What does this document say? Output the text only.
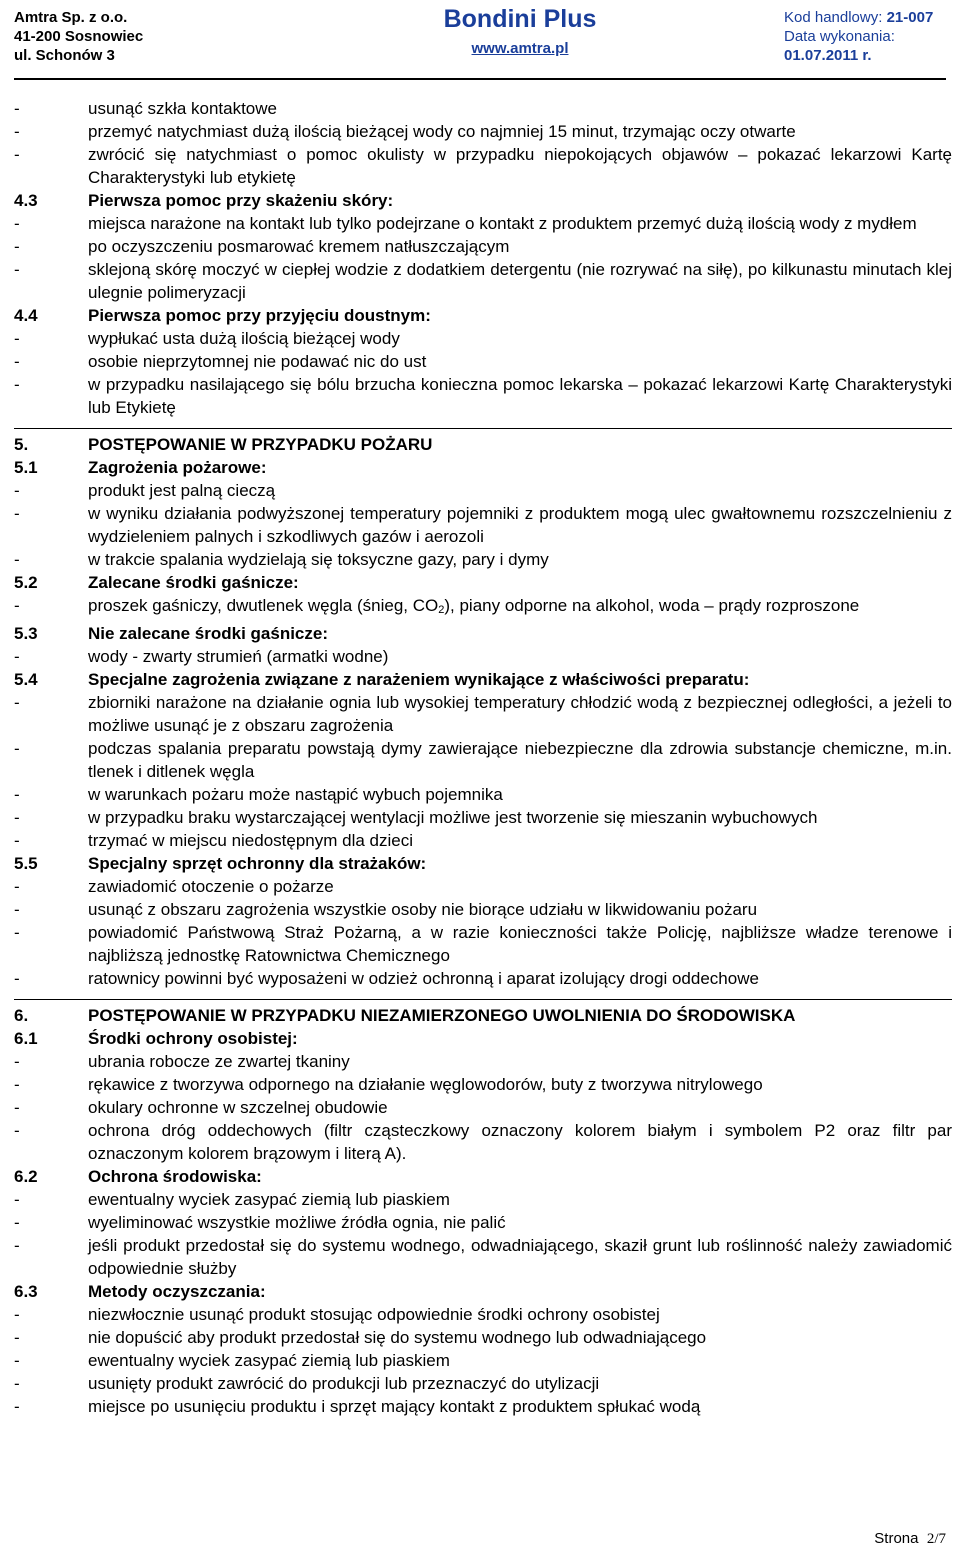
Amtra Sp. z o.o.
41-200 Sosnowiec
ul. Schonów 3
Bondini Plus
www.amtra.pl
Kod handlowy: 21-007
Data wykonania:
01.07.2011 r.
-	usunąć szkła kontaktowe
-	przemyć natychmiast dużą ilością bieżącej wody co najmniej 15 minut, trzymając oczy otwarte
-	zwrócić się natychmiast o pomoc okulisty w przypadku niepokojących objawów – pokazać lekarzowi Kartę Charakterystyki lub etykietę
4.3	Pierwsza pomoc przy skażeniu skóry:
-	miejsca narażone na kontakt lub tylko podejrzane o kontakt z produktem przemyć dużą ilością wody z mydłem
-	po oczyszczeniu posmarować kremem natłuszczającym
-	sklejoną skórę moczyć w ciepłej wodzie z dodatkiem detergentu (nie rozrywać na siłę), po kilkunastu minutach klej ulegnie polimeryzacji
4.4	Pierwsza pomoc przy przyjęciu doustnym:
-	wypłukać usta dużą ilością bieżącej wody
-	osobie nieprzytomnej nie podawać nic do ust
-	w przypadku nasilającego się bólu brzucha konieczna pomoc lekarska – pokazać lekarzowi Kartę Charakterystyki lub Etykietę
5.	POSTĘPOWANIE W PRZYPADKU POŻARU
5.1	Zagrożenia pożarowe:
-	produkt jest palną cieczą
-	w wyniku działania podwyższonej temperatury pojemniki z produktem mogą ulec gwałtownemu rozszczelnieniu z wydzieleniem palnych i szkodliwych gazów i aerozoli
-	w trakcie spalania wydzielają się toksyczne gazy, pary i dymy
5.2	Zalecane środki gaśnicze:
-	proszek gaśniczy, dwutlenek węgla (śnieg, $CO_2$), piany odporne na alkohol, woda – prądy rozproszone
5.3	Nie zalecane środki gaśnicze:
-	wody - zwarty strumień (armatki wodne)
5.4	Specjalne zagrożenia związane z narażeniem wynikające z właściwości preparatu:
-	zbiorniki narażone na działanie ognia lub wysokiej temperatury chłodzić wodą z bezpiecznej odległości, a jeżeli to możliwe usunąć je z obszaru zagrożenia
-	podczas spalania preparatu powstają dymy zawierające niebezpieczne dla zdrowia substancje chemiczne, m.in. tlenek i ditlenek węgla
-	w warunkach pożaru może nastąpić wybuch pojemnika
-	w przypadku braku wystarczającej wentylacji możliwe jest tworzenie się mieszanin wybuchowych
-	trzymać w miejscu niedostępnym dla dzieci
5.5	Specjalny sprzęt ochronny dla strażaków:
-	zawiadomić otoczenie o pożarze
-	usunąć z obszaru zagrożenia wszystkie osoby nie biorące udziału w likwidowaniu pożaru
-	powiadomić Państwową Straż Pożarną, a w razie konieczności także Policję, najbliższe władze terenowe i najbliższą jednostkę Ratownictwa Chemicznego
-	ratownicy powinni być wyposażeni w odzież ochronną i aparat izolujący drogi oddechowe
6.	POSTĘPOWANIE W PRZYPADKU NIEZAMIERZONEGO UWOLNIENIA DO ŚRODOWISKA
6.1	Środki ochrony osobistej:
-	ubrania robocze ze zwartej tkaniny
-	rękawice z tworzywa odpornego na działanie węglowodorów, buty z tworzywa nitrylowego
-	okulary ochronne w szczelnej obudowie
-	ochrona dróg oddechowych (filtr cząsteczkowy oznaczony kolorem białym i symbolem P2 oraz filtr par oznaczonym kolorem brązowym i literą A).
6.2	Ochrona środowiska:
-	ewentualny wyciek zasypać ziemią lub piaskiem
-	wyeliminować wszystkie możliwe źródła ognia, nie palić
-	jeśli produkt przedostał się do systemu wodnego, odwadniającego, skaził grunt lub roślinność należy zawiadomić odpowiednie służby
6.3	Metody oczyszczania:
-	niezwłocznie usunąć produkt stosując odpowiednie środki ochrony osobistej
-	nie dopuścić aby produkt przedostał się do systemu wodnego lub odwadniającego
-	ewentualny wyciek zasypać ziemią lub piaskiem
-	usunięty produkt zawrócić do produkcji lub przeznaczyć do utylizacji
-	miejsce po usunięciu produktu i sprzęt mający kontakt z produktem spłukać wodą
Strona 2/7
